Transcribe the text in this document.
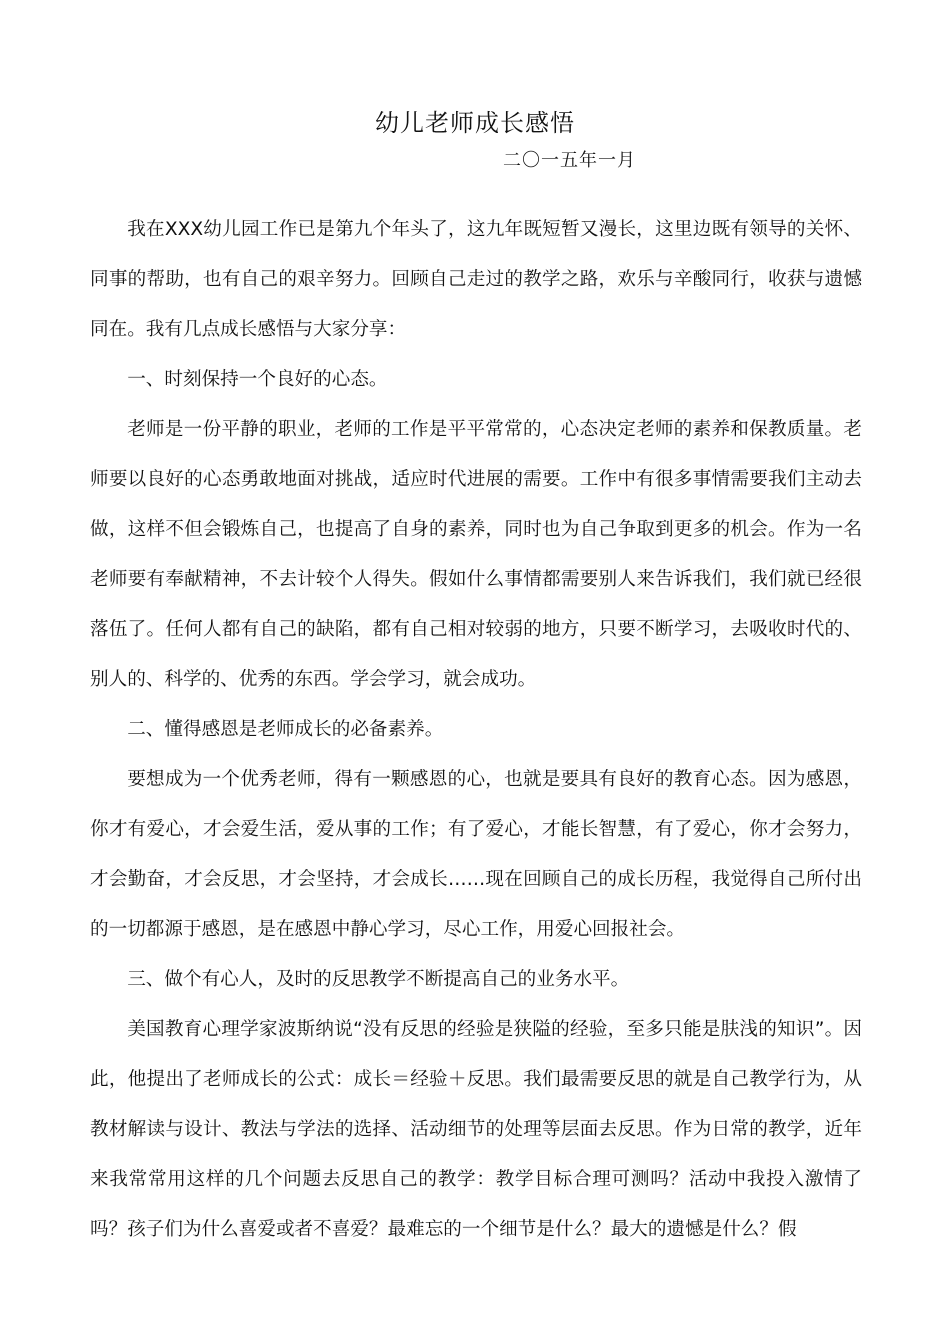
幼儿老师成长感悟
二〇一五年一月

我在XXX幼儿园工作已是第九个年头了，这九年既短暂又漫长，这里边既有领导的关怀、同事的帮助，也有自己的艰辛努力。回顾自己走过的教学之路，欢乐与辛酸同行，收获与遗憾同在。我有几点成长感悟与大家分享：

一、时刻保持一个良好的心态。

老师是一份平静的职业，老师的工作是平平常常的，心态决定老师的素养和保教质量。老师要以良好的心态勇敢地面对挑战，适应时代进展的需要。工作中有很多事情需要我们主动去做，这样不但会锻炼自己，也提高了自身的素养，同时也为自己争取到更多的机会。作为一名老师要有奉献精神，不去计较个人得失。假如什么事情都需要别人来告诉我们，我们就已经很落伍了。任何人都有自己的缺陷，都有自己相对较弱的地方，只要不断学习，去吸收时代的、别人的、科学的、优秀的东西。学会学习，就会成功。

二、懂得感恩是老师成长的必备素养。

要想成为一个优秀老师，得有一颗感恩的心，也就是要具有良好的教育心态。因为感恩，你才有爱心，才会爱生活，爱从事的工作；有了爱心，才能长智慧，有了爱心，你才会努力，才会勤奋，才会反思，才会坚持，才会成长……现在回顾自己的成长历程，我觉得自己所付出的一切都源于感恩，是在感恩中静心学习，尽心工作，用爱心回报社会。

三、做个有心人，及时的反思教学不断提高自己的业务水平。

美国教育心理学家波斯纳说“没有反思的经验是狭隘的经验，至多只能是肤浅的知识”。因此，他提出了老师成长的公式：成长＝经验＋反思。我们最需要反思的就是自己教学行为，从教材解读与设计、教法与学法的选择、活动细节的处理等层面去反思。作为日常的教学，近年来我常常用这样的几个问题去反思自己的教学：教学目标合理可测吗？活动中我投入激情了吗？孩子们为什么喜爱或者不喜爱？最难忘的一个细节是什么？最大的遗憾是什么？假
